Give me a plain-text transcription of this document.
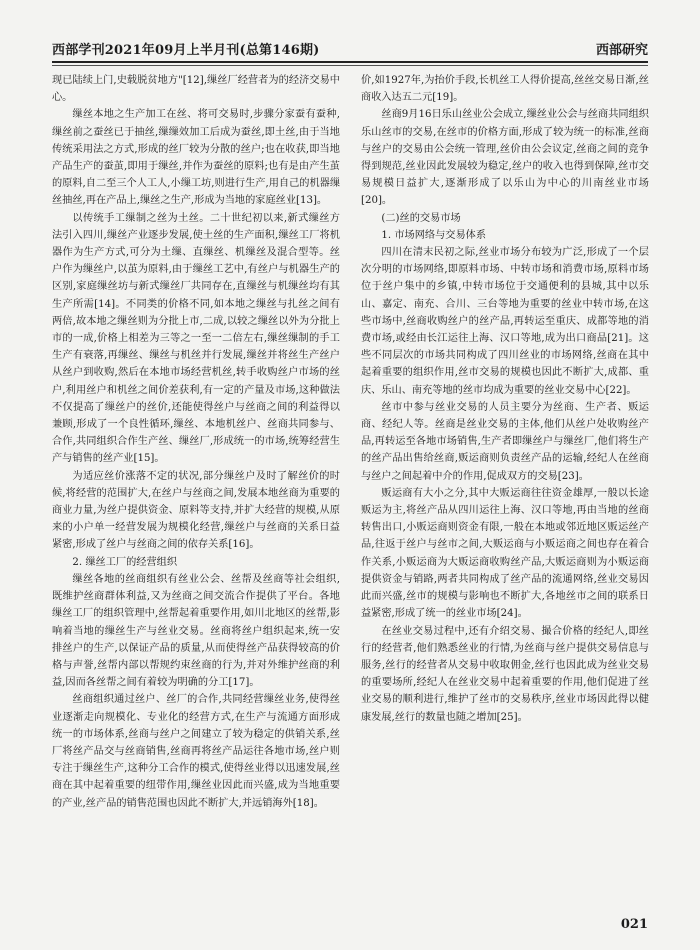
西部学刊2021年09月上半月刊(总第146期)	西部研究

现已陆续上门,史载脱贫地方"[12],缫丝厂经营者为的经济交易中心。

缫丝本地之生产加工在丝、将可交易时,步骤分家蚕有蚕种,缫丝前之蚕丝已于抽丝,缫缫效加工后成为蚕丝,即土丝,由于当地传统采用法之方式,形成的丝厂较为分散的丝户;也在收获,即当地产品生产的蚕茧,即用于缫丝,并作为蚕丝的原料;也有是由产生茧的原料,自二至三个人工人,小缫工坊,则进行生产,用自己的机器缫丝抽丝,再在产品上,缫丝之生产,形成为当地的家庭丝业[13]。

以传统手工缫制之丝为土丝。二十世纪初以来,新式缫丝方法引入四川,缫丝产业逐步发展,使土丝的生产面积,缫丝工厂将机器作为生产方式,可分为土缫、直缫丝、机缫丝及混合型等。丝户作为缫丝户,以茧为原料,由于缫丝工艺中,有丝户与机器生产的区别,家庭缫丝坊与新式缫丝厂共同存在,直缫丝与机缫丝均有其生产所需[14]。不同类的价格不同,如本地之缫丝与扎丝之间有两倍,故本地之缫丝则为分批上市,二成,以较之缫丝以外为分批上市的一成,价格上相差为三等之一至一二倍左右,缫丝缫制的手工生产有衰落,再缫丝、缫丝与机丝并行发展,缫丝并将丝生产丝户从丝户到收购,然后在本地市场经营机丝,转手收购丝户市场的丝户,利用丝户和机丝之间价差获利,有一定的产量及市场,这种做法不仅提高了缫丝户的丝价,还能使得丝户与丝商之间的利益得以兼顾,形成了一个良性循环,缫丝、本地机丝户、丝商共同参与、合作,共同组织合作生产丝、缫丝厂,形成统一的市场,统筹经营生产与销售的丝产业[15]。

为适应丝价涨落不定的状况,部分缫丝户及时了解丝价的时候,将经营的范围扩大,在丝户与丝商之间,发展本地丝商为重要的商业力量,为丝户提供资金、原料等支持,并扩大经营的规模,从原来的小户单一经营发展为规模化经营,缫丝户与丝商的关系日益紧密,形成了丝户与丝商之间的依存关系[16]。

2. 缫丝工厂的经营组织

缫丝各地的丝商组织有丝业公会、丝帮及丝商等社会组织,既维护丝商群体利益,又为丝商之间交流合作提供了平台。各地缫丝工厂的组织管理中,丝帮起着重要作用,如川北地区的丝帮,影响着当地的缫丝生产与丝业交易。丝商将丝户组织起来,统一安排丝户的生产,以保证产品的质量,从而使得丝产品获得较高的价格与声誉,丝帮内部以帮规约束丝商的行为,并对外维护丝商的利益,因而各丝帮之间有着较为明确的分工[17]。

丝商组织通过丝户、丝厂的合作,共同经营缫丝业务,使得丝业逐渐走向规模化、专业化的经营方式,在生产与流通方面形成统一的市场体系,丝商与丝户之间建立了较为稳定的供销关系,丝厂将丝产品交与丝商销售,丝商再将丝产品运往各地市场,丝户则专注于缫丝生产,这种分工合作的模式,使得丝业得以迅速发展,丝商在其中起着重要的纽带作用,缫丝业因此而兴盛,成为当地重要的产业,丝产品的销售范围也因此不断扩大,并远销海外[18]。

价,如1927年,为抬价手段,长机丝工人得价提高,丝丝交易日渐,丝商收入达五二元[19]。

丝商9月16日乐山丝业公会成立,缫丝业公会与丝商共同组织乐山丝市的交易,在丝市的价格方面,形成了较为统一的标准,丝商与丝户的交易由公会统一管理,丝价由公会议定,丝商之间的竞争得到规范,丝业因此发展较为稳定,丝户的收入也得到保障,丝市交易规模日益扩大,逐渐形成了以乐山为中心的川南丝业市场[20]。

(二)丝的交易市场

1. 市场网络与交易体系

四川在清末民初之际,丝业市场分布较为广泛,形成了一个层次分明的市场网络,即原料市场、中转市场和消费市场,原料市场位于丝户集中的乡镇,中转市场位于交通便利的县城,其中以乐山、嘉定、南充、合川、三台等地为重要的丝业中转市场,在这些市场中,丝商收购丝户的丝产品,再转运至重庆、成都等地的消费市场,或经由长江运往上海、汉口等地,成为出口商品[21]。这些不同层次的市场共同构成了四川丝业的市场网络,丝商在其中起着重要的组织作用,丝市交易的规模也因此不断扩大,成都、重庆、乐山、南充等地的丝市均成为重要的丝业交易中心[22]。

丝市中参与丝业交易的人员主要分为丝商、生产者、贩运商、经纪人等。丝商是丝业交易的主体,他们从丝户处收购丝产品,再转运至各地市场销售,生产者即缫丝户与缫丝厂,他们将生产的丝产品出售给丝商,贩运商则负责丝产品的运输,经纪人在丝商与丝户之间起着中介的作用,促成双方的交易[23]。

贩运商有大小之分,其中大贩运商往往资金雄厚,一般以长途贩运为主,将丝产品从四川运往上海、汉口等地,再由当地的丝商转售出口,小贩运商则资金有限,一般在本地或邻近地区贩运丝产品,往返于丝户与丝市之间,大贩运商与小贩运商之间也存在着合作关系,小贩运商为大贩运商收购丝产品,大贩运商则为小贩运商提供资金与销路,两者共同构成了丝产品的流通网络,丝业交易因此而兴盛,丝市的规模与影响也不断扩大,各地丝市之间的联系日益紧密,形成了统一的丝业市场[24]。

在丝业交易过程中,还有介绍交易、撮合价格的经纪人,即丝行的经营者,他们熟悉丝业的行情,为丝商与丝户提供交易信息与服务,丝行的经营者从交易中收取佣金,丝行也因此成为丝业交易的重要场所,经纪人在丝业交易中起着重要的作用,他们促进了丝业交易的顺利进行,维护了丝市的交易秩序,丝业市场因此得以健康发展,丝行的数量也随之增加[25]。

021
